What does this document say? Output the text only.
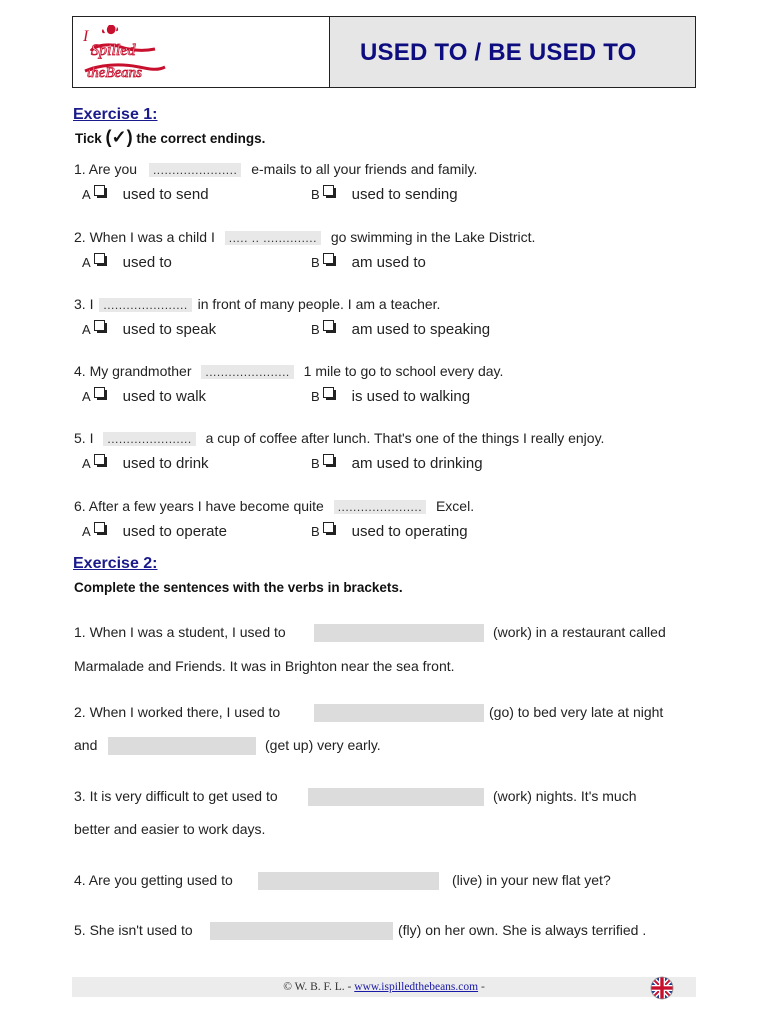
Spilled
theBeans
I
USED TO / BE USED TO
Exercise 1:
Tick (✓) the correct endings.
1. Are you ...................... e-mails to all your friends and family.
A used to send	B used to sending
2. When I was a child I ..... .. .............. go swimming in the Lake District.
A used to	B am used to
3. I ...................... in front of many people. I am a teacher.
A used to speak	B am used to speaking
4. My grandmother ...................... 1 mile to go to school every day.
A used to walk	B is used to walking
5. I ...................... a cup of coffee after lunch. That's one of the things I really enjoy.
A used to drink	B am used to drinking
6. After a few years I have become quite ...................... Excel.
A used to operate	B used to operating
Exercise 2:
Complete the sentences with the verbs in brackets.
1. When I was a student, I used to	(work) in a restaurant called
Marmalade and Friends. It was in Brighton near the sea front.
2. When I worked there, I used to	(go) to bed very late at night
and	(get up) very early.
3. It is very difficult to get used to	(work) nights. It's much
better and easier to work days.
4. Are you getting used to	(live) in your new flat yet?
5. She isn't used to	(fly) on her own. She is always terrified .
© W. B. F. L. - www.ispilledthebeans.com -
